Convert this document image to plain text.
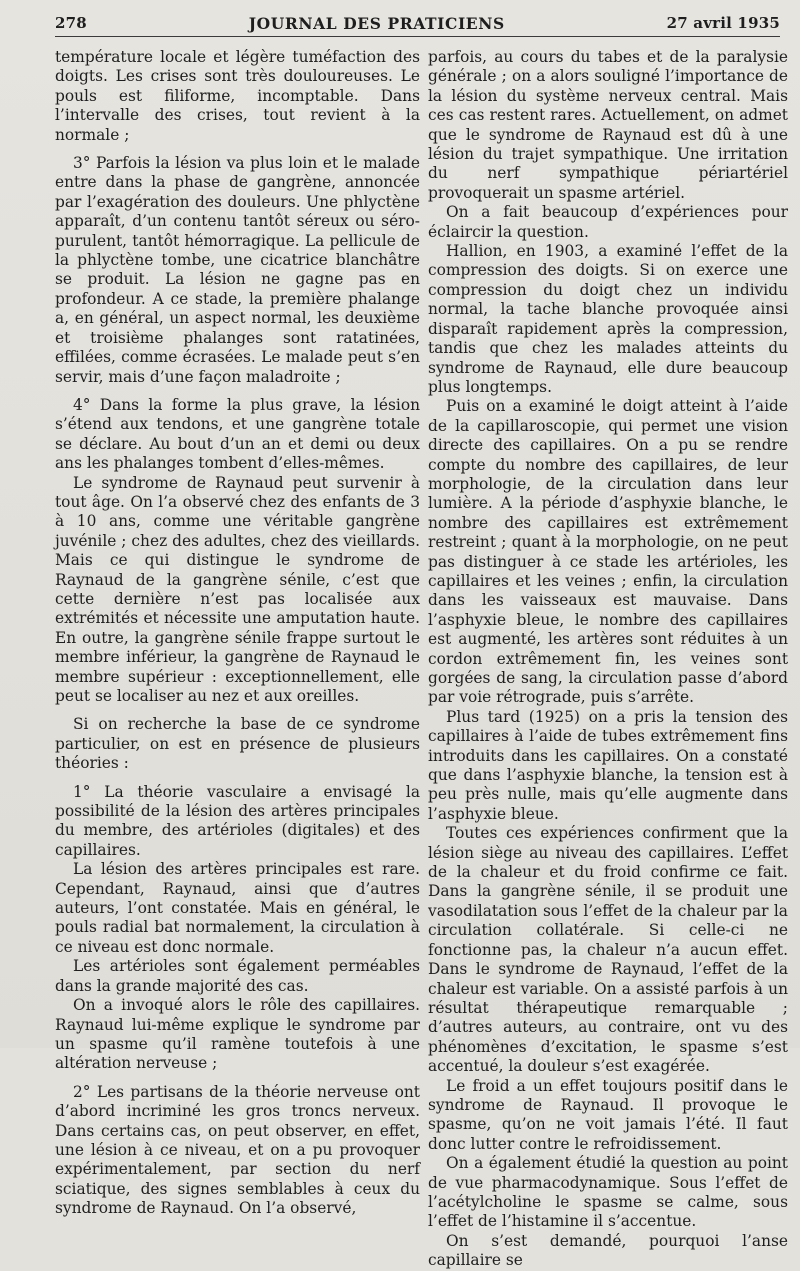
278	JOURNAL DES PRATICIENS	27 avril 1935

température locale et légère tuméfaction des doigts. Les crises sont très douloureuses. Le pouls est filiforme, incomptable. Dans l’intervalle des crises, tout revient à la normale ;

3° Parfois la lésion va plus loin et le malade entre dans la phase de gangrène, annoncée par l’exagération des douleurs. Une phlyctène apparaît, d’un contenu tantôt séreux ou séro-purulent, tantôt hémorragique. La pellicule de la phlyctène tombe, une cicatrice blanchâtre se produit. La lésion ne gagne pas en profondeur. A ce stade, la première phalange a, en général, un aspect normal, les deuxième et troisième phalanges sont ratatinées, effilées, comme écrasées. Le malade peut s’en servir, mais d’une façon maladroite ;

4° Dans la forme la plus grave, la lésion s’étend aux tendons, et une gangrène totale se déclare. Au bout d’un an et demi ou deux ans les phalanges tombent d’elles-mêmes.

Le syndrome de Raynaud peut survenir à tout âge. On l’a observé chez des enfants de 3 à 10 ans, comme une véritable gangrène juvénile ; chez des adultes, chez des vieillards. Mais ce qui distingue le syndrome de Raynaud de la gangrène sénile, c’est que cette dernière n’est pas localisée aux extrémités et nécessite une amputation haute. En outre, la gangrène sénile frappe surtout le membre inférieur, la gangrène de Raynaud le membre supérieur : exceptionnellement, elle peut se localiser au nez et aux oreilles.

Si on recherche la base de ce syndrome particulier, on est en présence de plusieurs théories :

1° La théorie vasculaire a envisagé la possibilité de la lésion des artères principales du membre, des artérioles (digitales) et des capillaires.

La lésion des artères principales est rare. Cependant, Raynaud, ainsi que d’autres auteurs, l’ont constatée. Mais en général, le pouls radial bat normalement, la circulation à ce niveau est donc normale.

Les artérioles sont également perméables dans la grande majorité des cas.

On a invoqué alors le rôle des capillaires. Raynaud lui-même explique le syndrome par un spasme qu’il ramène toutefois à une altération nerveuse ;

2° Les partisans de la théorie nerveuse ont d’abord incriminé les gros troncs nerveux. Dans certains cas, on peut observer, en effet, une lésion à ce niveau, et on a pu provoquer expérimentalement, par section du nerf sciatique, des signes semblables à ceux du syndrome de Raynaud. On l’a observé,

parfois, au cours du tabes et de la paralysie générale ; on a alors souligné l’importance de la lésion du système nerveux central. Mais ces cas restent rares. Actuellement, on admet que le syndrome de Raynaud est dû à une lésion du trajet sympathique. Une irritation du nerf sympathique périartériel provoquerait un spasme artériel.

On a fait beaucoup d’expériences pour éclaircir la question.

Hallion, en 1903, a examiné l’effet de la compression des doigts. Si on exerce une compression du doigt chez un individu normal, la tache blanche provoquée ainsi disparaît rapidement après la compression, tandis que chez les malades atteints du syndrome de Raynaud, elle dure beaucoup plus longtemps.

Puis on a examiné le doigt atteint à l’aide de la capillaroscopie, qui permet une vision directe des capillaires. On a pu se rendre compte du nombre des capillaires, de leur morphologie, de la circulation dans leur lumière. A la période d’asphyxie blanche, le nombre des capillaires est extrêmement restreint ; quant à la morphologie, on ne peut pas distinguer à ce stade les artérioles, les capillaires et les veines ; enfin, la circulation dans les vaisseaux est mauvaise. Dans l’asphyxie bleue, le nombre des capillaires est augmenté, les artères sont réduites à un cordon extrêmement fin, les veines sont gorgées de sang, la circulation passe d’abord par voie rétrograde, puis s’arrête.

Plus tard (1925) on a pris la tension des capillaires à l’aide de tubes extrêmement fins introduits dans les capillaires. On a constaté que dans l’asphyxie blanche, la tension est à peu près nulle, mais qu’elle augmente dans l’asphyxie bleue.

Toutes ces expériences confirment que la lésion siège au niveau des capillaires. L’effet de la chaleur et du froid confirme ce fait. Dans la gangrène sénile, il se produit une vasodilatation sous l’effet de la chaleur par la circulation collatérale. Si celle-ci ne fonctionne pas, la chaleur n’a aucun effet. Dans le syndrome de Raynaud, l’effet de la chaleur est variable. On a assisté parfois à un résultat thérapeutique remarquable ; d’autres auteurs, au contraire, ont vu des phénomènes d’excitation, le spasme s’est accentué, la douleur s’est exagérée.

Le froid a un effet toujours positif dans le syndrome de Raynaud. Il provoque le spasme, qu’on ne voit jamais l’été. Il faut donc lutter contre le refroidissement.

On a également étudié la question au point de vue pharmacodynamique. Sous l’effet de l’acétylcholine le spasme se calme, sous l’effet de l’histamine il s’accentue.

On s’est demandé, pourquoi l’anse capillaire se
